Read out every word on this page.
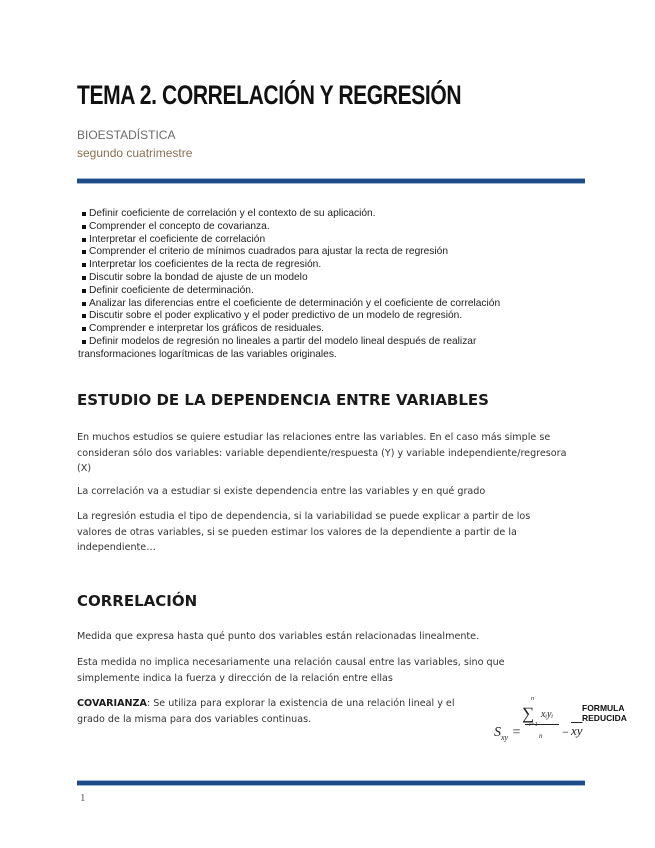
TEMA 2. CORRELACIÓN Y REGRESIÓN
BIOESTADÍSTICA
segundo cuatrimestre
Definir coeficiente de correlación y el contexto de su aplicación.
Comprender el concepto de covarianza.
Interpretar el coeficiente de correlación
Comprender el criterio de mínimos cuadrados para ajustar la recta de regresión
Interpretar los coeficientes de la recta de regresión.
Discutir sobre la bondad de ajuste de un modelo
Definir coeficiente de determinación.
Analizar las diferencias entre el coeficiente de determinación y el coeficiente de correlación
Discutir sobre el poder explicativo y el poder predictivo de un modelo de regresión.
Comprender e interpretar los gráficos de residuales.
Definir modelos de regresión no lineales a partir del modelo lineal después de realizar
transformaciones logarítmicas de las variables originales.
ESTUDIO DE LA DEPENDENCIA ENTRE VARIABLES

En muchos estudios se quiere estudiar las relaciones entre las variables. En el caso más simple se consideran sólo dos variables: variable dependiente/respuesta (Y) y variable independiente/regresora (X)

La correlación va a estudiar si existe dependencia entre las variables y en qué grado

La regresión estudia el tipo de dependencia, si la variabilidad se puede explicar a partir de los valores de otras variables, si se pueden estimar los valores de la dependiente a partir de la independiente…

CORRELACIÓN

Medida que expresa hasta qué punto dos variables están relacionadas linealmente.

Esta medida no implica necesariamente una relación causal entre las variables, sino que simplemente indica la fuerza y dirección de la relación entre ellas

COVARIANZA: Se utiliza para explorar la existencia de una relación lineal y el grado de la misma para dos variables continuas.

$S_{xy}$ =
n
∑ xᵢyᵢ
i=1
$n - \overline{xy}$
FORMULA
REDUCIDA
1
